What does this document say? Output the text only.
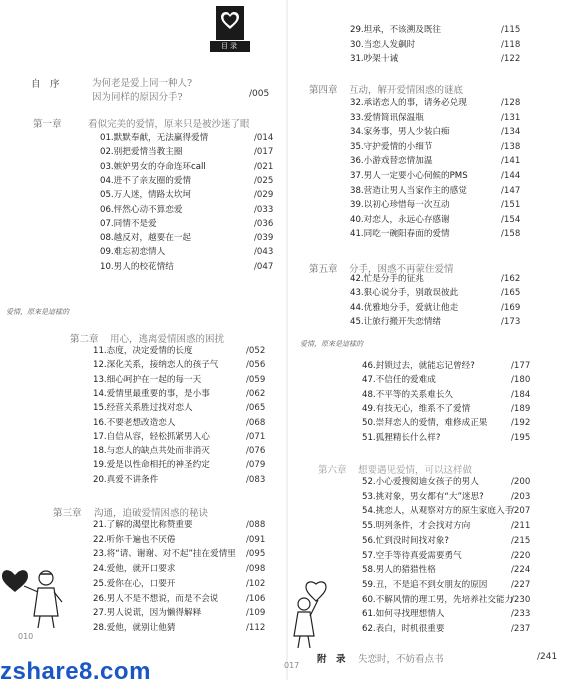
目录
自　序	为何老是爱上同一种人?
因为同样的原因分手?	/005
第一章	看似完美的爱情，原来只是被沙迷了眼
01.默默奉献，无法赢得爱情	/014
02.别把爱情当教主圈	/017
03.嫉妒男女的夺命连环call	/021
04.进不了亲友圈的爱情	/025
05.万人迷，情路太坎坷	/029
06.怦然心动不算恋爱	/033
07.同情不是爱	/036
08.越反对，越要在一起	/039
09.难忘初恋情人	/043
10.男人的校花情结	/047
爱情，原來是這樣的
第二章 用心，逃离爱情困惑的困扰
11.态度，决定爱情的长度	/052
12.深化关系，接纳恋人的孩子气	/056
13.细心呵护在一起的每一天	/059
14.爱情里最重要的事，是小事	/062
15.经营关系胜过找对恋人	/065
16.不要老想改造恋人	/068
17.自信从容，轻松抓紧男人心	/071
18.与恋人的缺点共处而非消灭	/076
19.爱是以性命相托的神圣约定	/079
20.真爱不讲条件	/083
第三章 沟通，追破爱情困惑的秘诀
21.了解的渴望比称赞重要	/088
22.听你千遍也不厌倦	/091
23.将“请、谢谢、对不起”挂在爱情里 /095
24.爱他，就开口要求	/098
25.爱你在心，口要开	/102
26.男人不是不想说，而是不会说	/106
27.男人说谎，因为懒得解释	/109
28.爱他，就别让他猜	/112
010
zshare8.com
29.坦承，不该溯及既往	/115
30.当恋人发飙时	/118
31.吵架十诫	/122
第四章 互动，解开爱情困惑的谜底
32.承诺恋人的事，请务必兑现	/128
33.爱情简讯保温瓶	/131
34.家务事，男人少装白痴	/134
35.守护爱情的小细节	/138
36.小游戏替恋情加温	/141
37.男人一定要小心伺候的PMS	/144
38.营造让男人当家作主的感觉	/147
39.以初心珍惜每一次互动	/151
40.对恋人，永远心存感谢	/154
41.同吃一碗阳春面的爱情	/158
第五章 分手，困惑不再蒙住爱情
42.忙是分手的征兆	/162
43.狠心说分手，别敢误彼此	/165
44.优雅地分手，爱就让他走	/169
45.让旅行搬开失恋情绪	/173
爱情，原來是這樣的
46.封锁过去，就能忘记曾经?	/177
47.不信任的爱难成	/180
48.不平等的关系难长久	/184
49.有技无心，维系不了爱情	/189
50.崇拜恋人的爱情，难修成正果	/192
51.狐狸精长什么样?	/195
第六章 想要遇见爱情，可以这样做
52.小心爱搜阅迪女孩子的男人	/200
53.挑对象，男女都有“大”迷思?	/203
54.挑恋人，从观察对方的原生家庭入手
/207
55.明列条件，才会找对方向	/211
56.忙到没时间找对象?	/215
57.空手等待真爱需要勇气	/220
58.男人的猎猎性格	/224
59.丑，不是追不到女朋友的原因	/227
60.不解风情的理工男，先培养社交能力
/230
61.如何寻找理想情人	/233
62.表白，时机很重要	/237
附　录 失恋时，不妨看点书	/241
017
